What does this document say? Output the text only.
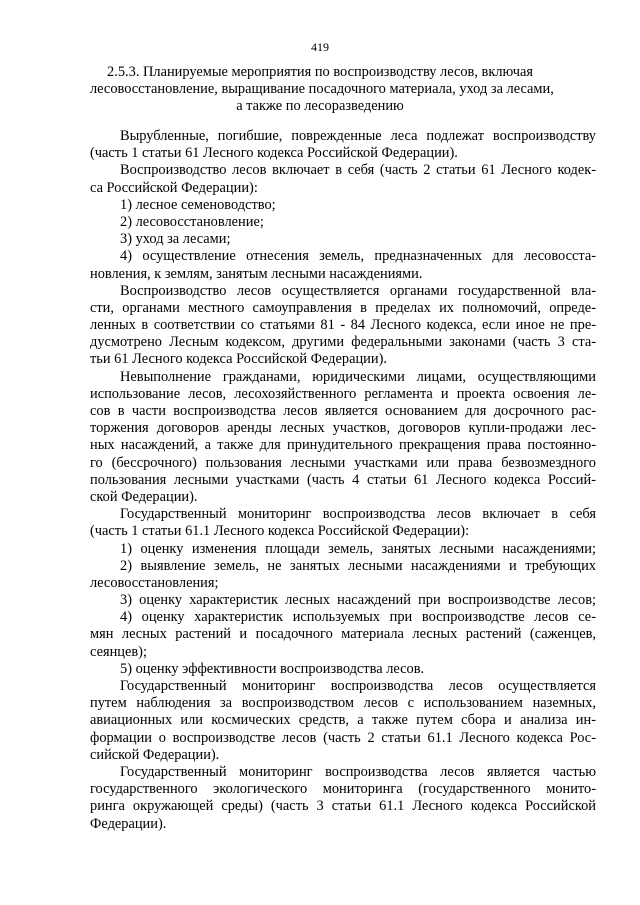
419
2.5.3. Планируемые мероприятия по воспроизводству лесов, включая
лесовосстановление, выращивание посадочного материала, уход за лесами,
а также по лесоразведению
Вырубленные, погибшие, поврежденные леса подлежат воспроизводству
(часть 1 статьи 61 Лесного кодекса Российской Федерации).
Воспроизводство лесов включает в себя (часть 2 статьи 61 Лесного кодек-
са Российской Федерации):
1) лесное семеноводство;
2) лесовосстановление;
3) уход за лесами;
4) осуществление отнесения земель, предназначенных для лесовосста-
новления, к землям, занятым лесными насаждениями.
Воспроизводство лесов осуществляется органами государственной вла-
сти, органами местного самоуправления в пределах их полномочий, опреде-
ленных в соответствии со статьями 81 - 84 Лесного кодекса, если иное не пре-
дусмотрено Лесным кодексом, другими федеральными законами (часть 3 ста-
тьи 61 Лесного кодекса Российской Федерации).
Невыполнение гражданами, юридическими лицами, осуществляющими
использование лесов, лесохозяйственного регламента и проекта освоения ле-
сов в части воспроизводства лесов является основанием для досрочного рас-
торжения договоров аренды лесных участков, договоров купли-продажи лес-
ных насаждений, а также для принудительного прекращения права постоянно-
го (бессрочного) пользования лесными участками или права безвозмездного
пользования лесными участками (часть 4 статьи 61 Лесного кодекса Россий-
ской Федерации).
Государственный мониторинг воспроизводства лесов включает в себя
(часть 1 статьи 61.1 Лесного кодекса Российской Федерации):
1) оценку изменения площади земель, занятых лесными насаждениями;
2) выявление земель, не занятых лесными насаждениями и требующих
лесовосстановления;
3) оценку характеристик лесных насаждений при воспроизводстве лесов;
4) оценку характеристик используемых при воспроизводстве лесов се-
мян лесных растений и посадочного материала лесных растений (саженцев,
сеянцев);
5) оценку эффективности воспроизводства лесов.
Государственный мониторинг воспроизводства лесов осуществляется
путем наблюдения за воспроизводством лесов с использованием наземных,
авиационных или космических средств, а также путем сбора и анализа ин-
формации о воспроизводстве лесов (часть 2 статьи 61.1 Лесного кодекса Рос-
сийской Федерации).
Государственный мониторинг воспроизводства лесов является частью
государственного экологического мониторинга (государственного монито-
ринга окружающей среды) (часть 3 статьи 61.1 Лесного кодекса Российской
Федерации).
